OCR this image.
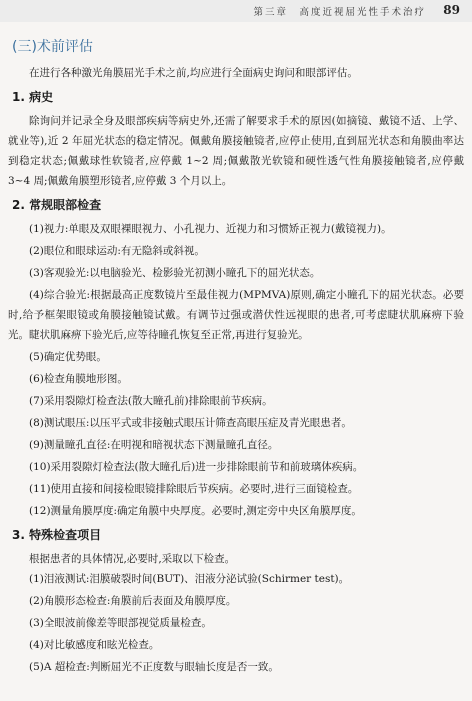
第三章　高度近视屈光性手术治疗 89
(三)术前评估

在进行各种激光角膜屈光手术之前,均应进行全面病史询问和眼部评估。

1. 病史

除询问并记录全身及眼部疾病等病史外,还需了解要求手术的原因(如摘镜、戴镜不适、上学、就业等),近 2 年屈光状态的稳定情况。佩戴角膜接触镜者,应停止使用,直到屈光状态和角膜曲率达到稳定状态;佩戴球性软镜者,应停戴 1~2 周;佩戴散光软镜和硬性透气性角膜接触镜者,应停戴 3~4 周;佩戴角膜塑形镜者,应停戴 3 个月以上。

2. 常规眼部检查

(1)视力:单眼及双眼裸眼视力、小孔视力、近视力和习惯矫正视力(戴镜视力)。

(2)眼位和眼球运动:有无隐斜或斜视。

(3)客观验光:以电脑验光、检影验光初测小瞳孔下的屈光状态。

(4)综合验光:根据最高正度数镜片至最佳视力(MPMVA)原则,确定小瞳孔下的屈光状态。必要时,给予框架眼镜或角膜接触镜试戴。有调节过强或潜伏性远视眼的患者,可考虑睫状肌麻痹下验光。睫状肌麻痹下验光后,应等待瞳孔恢复至正常,再进行复验光。

(5)确定优势眼。

(6)检查角膜地形图。

(7)采用裂隙灯检查法(散大瞳孔前)排除眼前节疾病。

(8)测试眼压:以压平式或非接触式眼压计筛查高眼压症及青光眼患者。

(9)测量瞳孔直径:在明视和暗视状态下测量瞳孔直径。

(10)采用裂隙灯检查法(散大瞳孔后)进一步排除眼前节和前玻璃体疾病。

(11)使用直接和间接检眼镜排除眼后节疾病。必要时,进行三面镜检查。

(12)测量角膜厚度:确定角膜中央厚度。必要时,测定旁中央区角膜厚度。

3. 特殊检查项目

根据患者的具体情况,必要时,采取以下检查。

(1)泪液测试:泪膜破裂时间(BUT)、泪液分泌试验(Schirmer test)。

(2)角膜形态检查:角膜前后表面及角膜厚度。

(3)全眼波前像差等眼部视觉质量检查。

(4)对比敏感度和眩光检查。

(5)A 超检查:判断屈光不正度数与眼轴长度是否一致。
